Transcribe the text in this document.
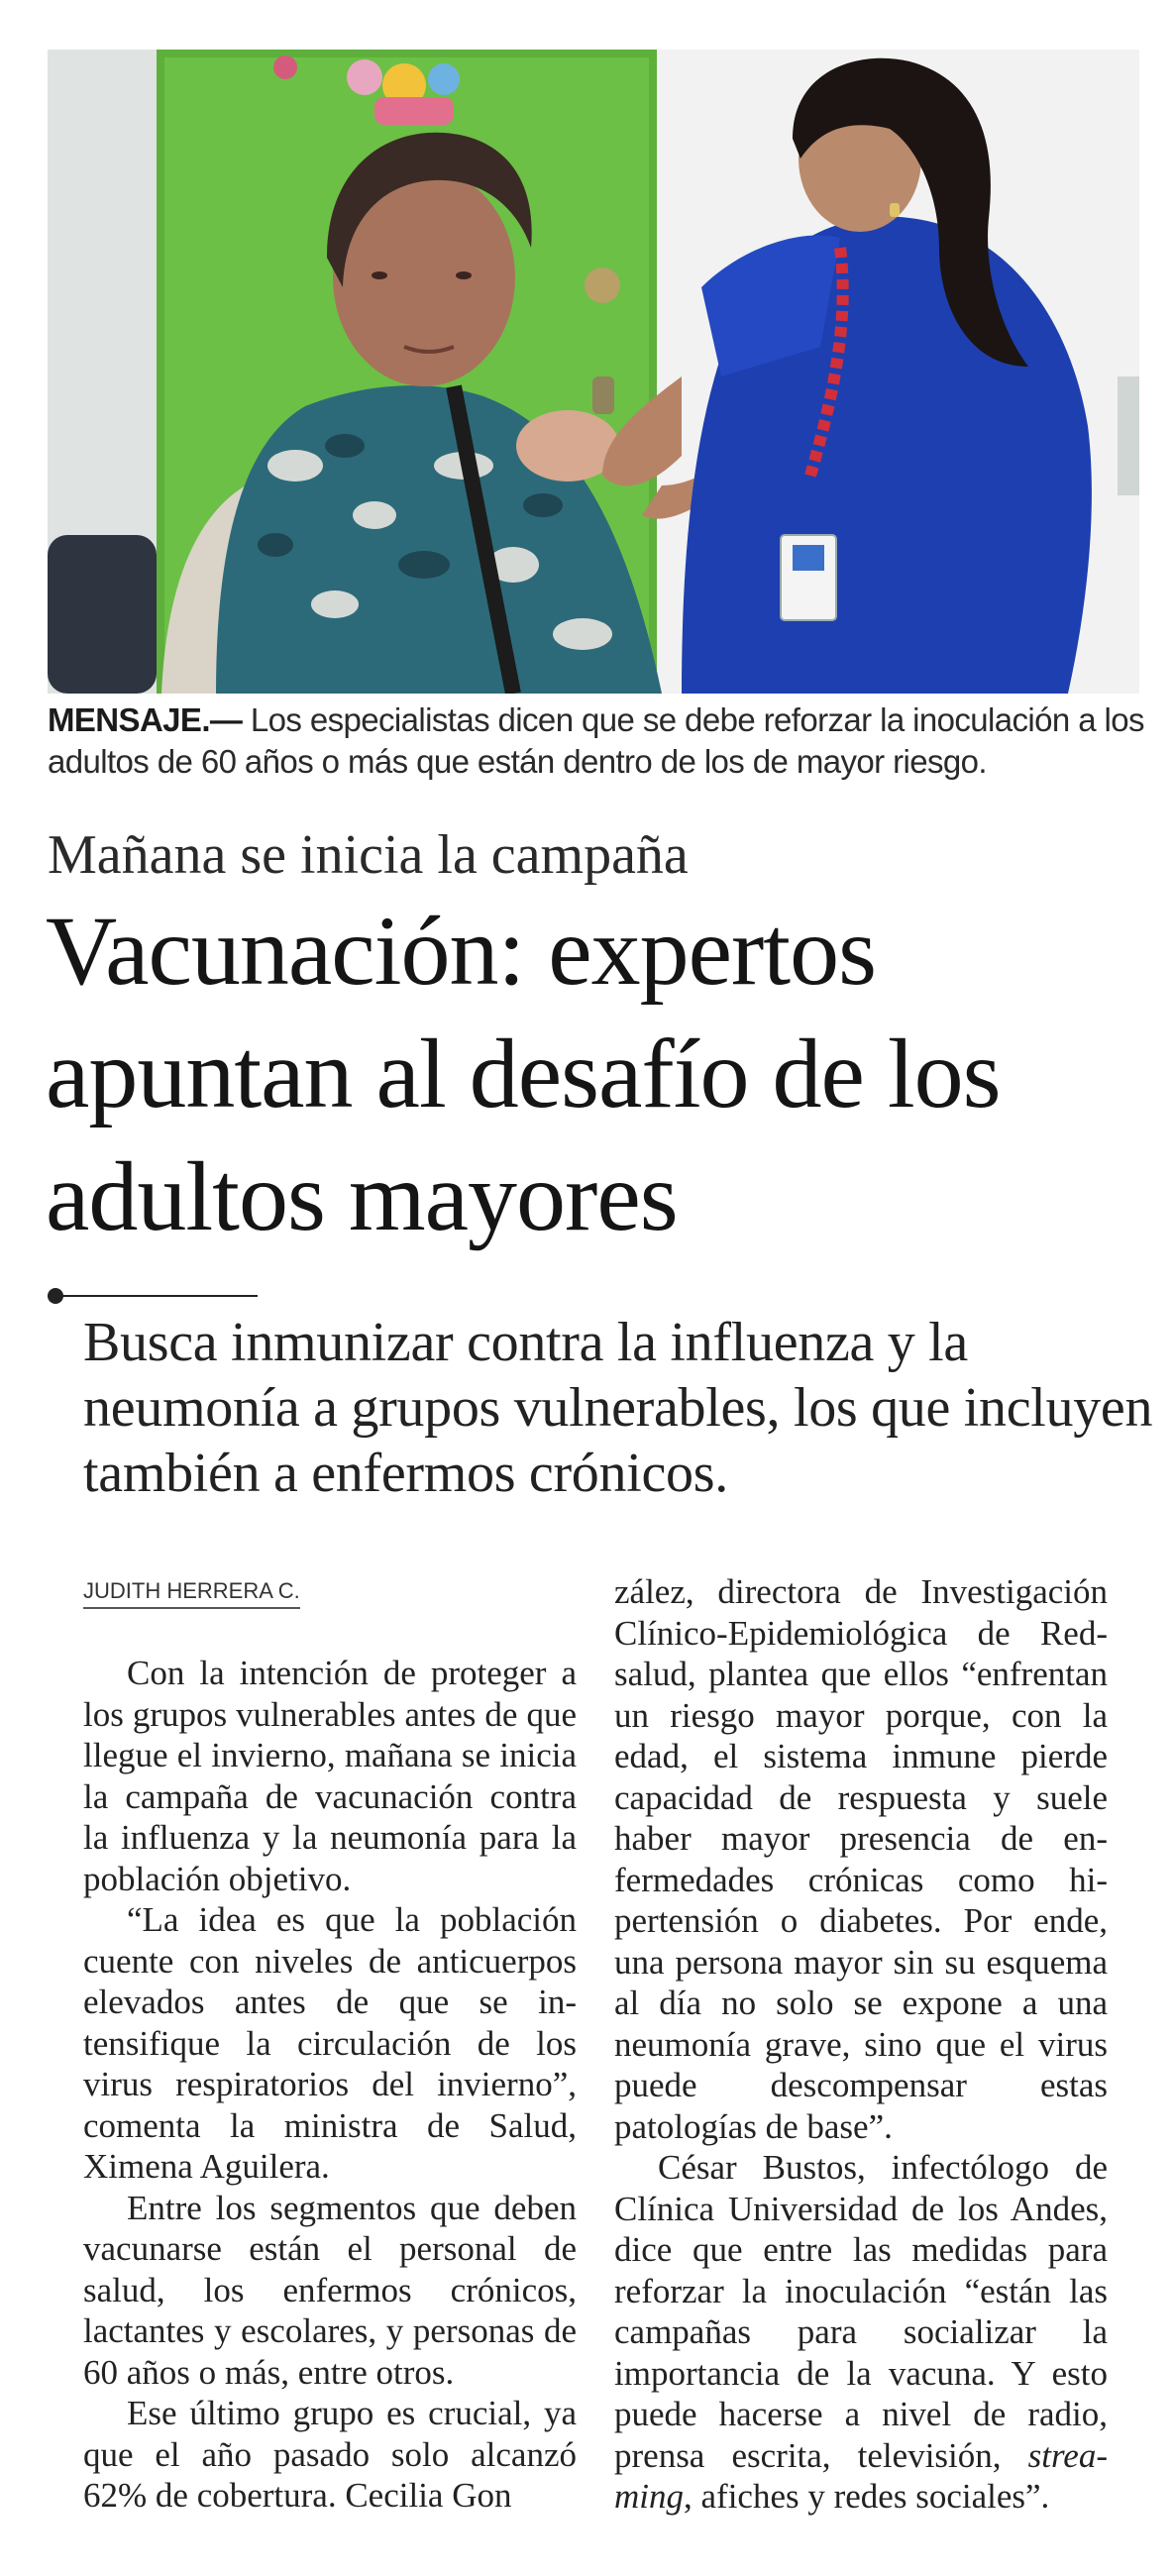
MENSAJE.— Los especialistas dicen que se debe reforzar la inoculación a los adultos de 60 años o más que están dentro de los de mayor riesgo.
Mañana se inicia la campaña
Vacunación: expertos apuntan al desafío de los adultos mayores
Busca inmunizar contra la influenza y la neumonía a grupos vulnerables, los que incluyen también a enfermos crónicos.
JUDITH HERRERA C.

Con la intención de proteger a los grupos vulnerables antes de que llegue el invierno, mañana se inicia la campaña de vacunación contra la influenza y la neumonía para la población objetivo.

“La idea es que la población cuente con niveles de anticuerpos elevados antes de que se intensifique la circulación de los virus respiratorios del invierno”, comenta la ministra de Salud, Ximena Aguilera.

Entre los segmentos que deben vacunarse están el personal de salud, los enfermos crónicos, lactantes y escolares, y personas de 60 años o más, entre otros.

Ese último grupo es crucial, ya que el año pasado solo alcanzó 62% de cobertura. Cecilia Gon

zález, directora de Investigación Clínico-Epidemiológica de Redsalud, plantea que ellos “enfrentan un riesgo mayor porque, con la edad, el sistema inmune pierde capacidad de respuesta y suele haber mayor presencia de enfermedades crónicas como hipertensión o diabetes. Por ende, una persona mayor sin su esquema al día no solo se expone a una neumonía grave, sino que el virus puede descompensar estas patologías de base”.

César Bustos, infectólogo de Clínica Universidad de los Andes, dice que entre las medidas para reforzar la inoculación “están las campañas para socializar la importancia de la vacuna. Y esto puede hacerse a nivel de radio, prensa escrita, televisión, streaming, afiches y redes sociales”.
